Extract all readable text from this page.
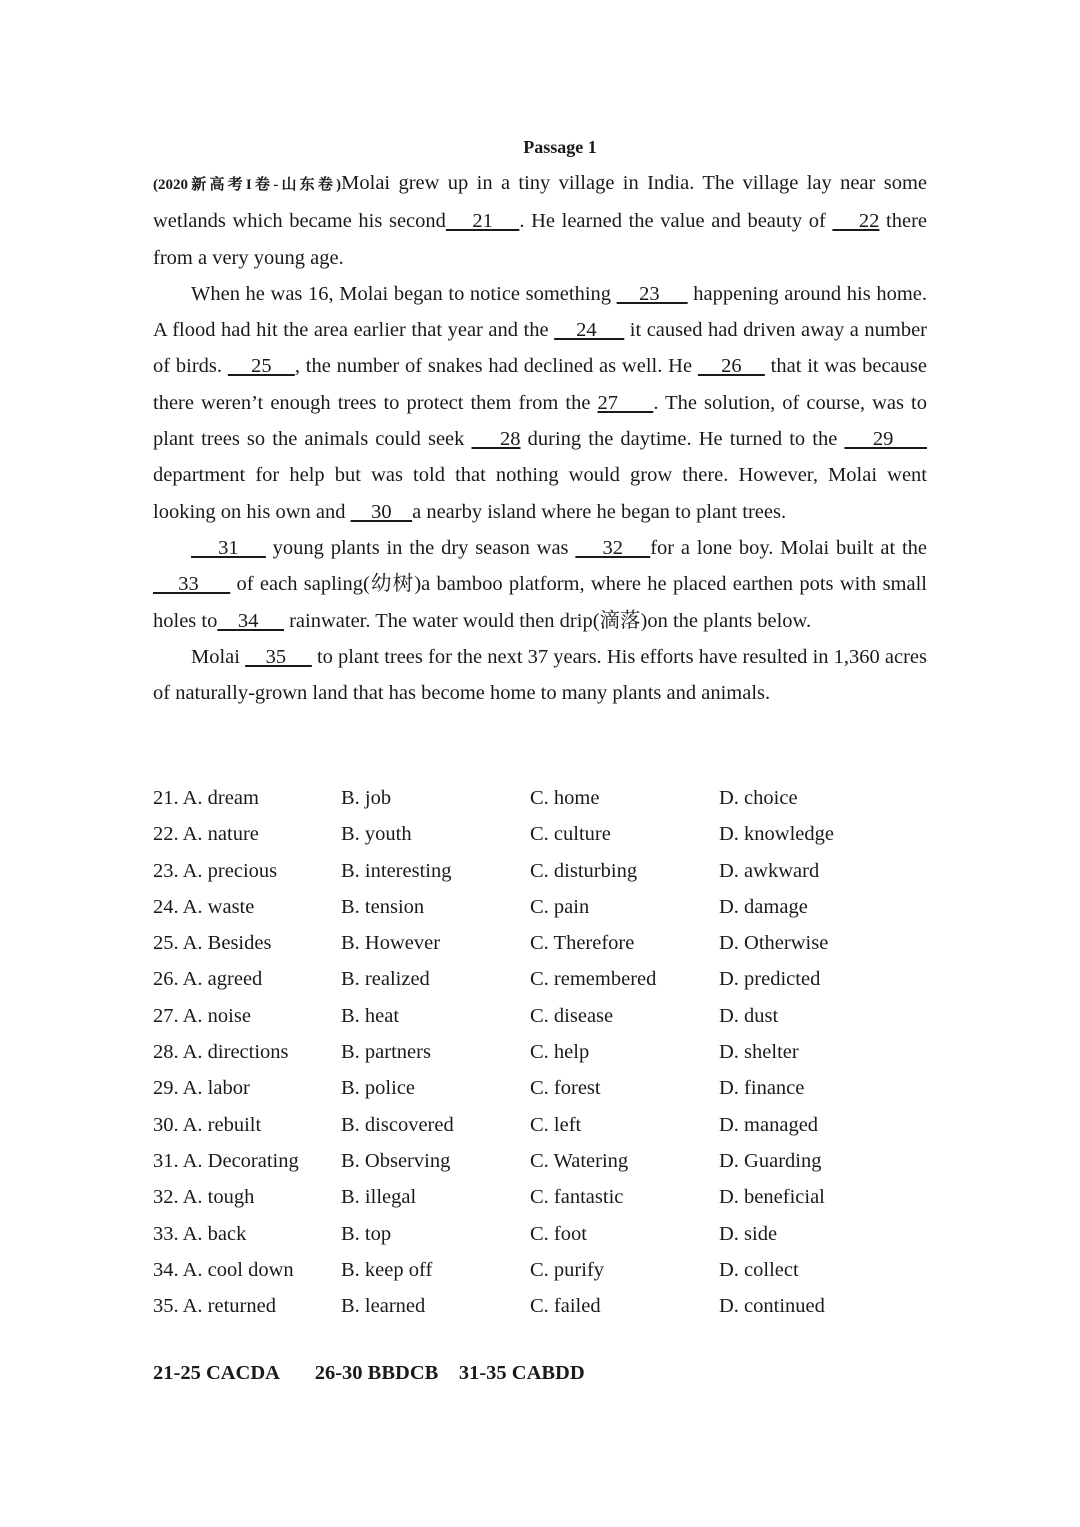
Passage 1

(2020新高考I卷-山东卷)Molai grew up in a tiny village in India. The village lay near some wetlands which became his second    21    . He learned the value and beauty of     22 there from a very young age.

When he was 16, Molai began to notice something     23      happening around his home. A flood had hit the area earlier that year and the     24      it caused had driven away a number of birds.     25    , the number of snakes had declined as well. He     26     that it was because there weren’t enough trees to protect them from the 27     . The solution, of course, was to plant trees so the animals could seek     28 during the daytime. He turned to the     29      department for help but was told that nothing would grow there. However, Molai went looking on his own and     30    a nearby island where he began to plant trees.

31     young plants in the dry season was     32    for a lone boy. Molai built at the     33      of each sapling(幼树)a bamboo platform, where he placed earthen pots with small holes to    34      rainwater. The water would then drip(滴落)on the plants below.

Molai     35      to plant trees for the next 37 years. His efforts have resulted in 1,360 acres of naturally-grown land that has become home to many plants and animals.

21. A. dream	B. job	C. home	D. choice
22. A. nature	B. youth	C. culture	D. knowledge
23. A. precious	B. interesting	C. disturbing	D. awkward
24. A. waste	B. tension	C. pain	D. damage
25. A. Besides	B. However	C. Therefore	D. Otherwise
26. A. agreed	B. realized	C. remembered	D. predicted
27. A. noise	B. heat	C. disease	D. dust
28. A. directions	B. partners	C. help	D. shelter
29. A. labor	B. police	C. forest	D. finance
30. A. rebuilt	B. discovered	C. left	D. managed
31. A. Decorating	B. Observing	C. Watering	D. Guarding
32. A. tough	B. illegal	C. fantastic	D. beneficial
33. A. back	B. top	C. foot	D. side
34. A. cool down	B. keep off	C. purify	D. collect
35. A. returned	B. learned	C. failed	D. continued
21-25 CACDA 26-30 BBDCB 31-35 CABDD
